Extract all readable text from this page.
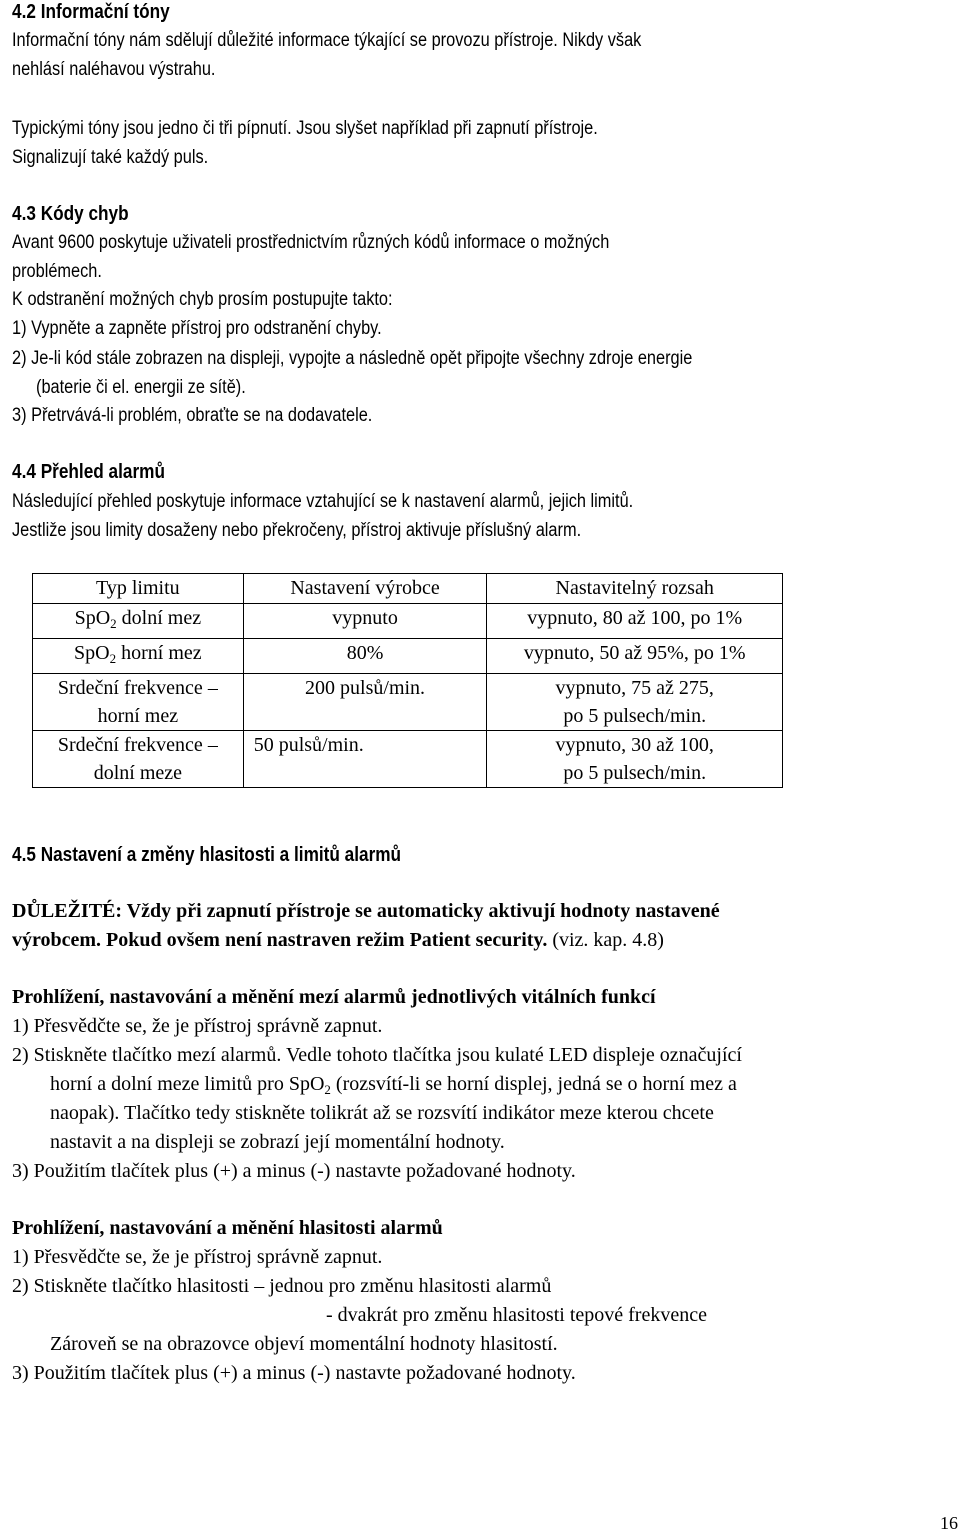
4.2 Informační tóny
Informační tóny nám sdělují důležité informace týkající se provozu přístroje. Nikdy však
nehlásí naléhavou výstrahu.
Typickými tóny jsou jedno či tři pípnutí. Jsou slyšet například při zapnutí přístroje.
Signalizují také každý puls.
4.3 Kódy chyb
Avant 9600 poskytuje uživateli prostřednictvím různých kódů informace o možných
problémech.
K odstranění možných chyb prosím postupujte takto:
1) Vypněte a zapněte přístroj pro odstranění chyby.
2) Je-li kód stále zobrazen na displeji, vypojte a následně opět připojte všechny zdroje energie
(baterie či el. energii ze sítě).
3) Přetrvává-li problém, obraťte se na dodavatele.
4.4 Přehled alarmů
Následující přehled poskytuje informace vztahující se k nastavení alarmů, jejich limitů.
Jestliže jsou limity dosaženy nebo překročeny, přístroj aktivuje příslušný alarm.
Typ limitu	Nastavení výrobce	Nastavitelný rozsah
SpO$_2$ dolní mez	vypnuto	vypnuto, 80 až 100, po 1%
SpO$_2$ horní mez	80%	vypnuto, 50 až 95%, po 1%

Srdeční frekvence –
horní mez	200 pulsů/min.	vypnuto, 75 až 275,
po 5 pulsech/min.

Srdeční frekvence –
dolní meze	50 pulsů/min.	vypnuto, 30 až 100,
po 5 pulsech/min.
4.5 Nastavení a změny hlasitosti a limitů alarmů
DŮLEŽITÉ: Vždy při zapnutí přístroje se automaticky aktivují hodnoty nastavené
výrobcem. Pokud ovšem není nastraven režim Patient security. (viz. kap. 4.8)
Prohlížení, nastavování a měnění mezí alarmů jednotlivých vitálních funkcí
1) Přesvědčte se, že je přístroj správně zapnut.
2) Stiskněte tlačítko mezí alarmů. Vedle tohoto tlačítka jsou kulaté LED displeje označující
horní a dolní meze limitů pro SpO$_2$ (rozsvítí-li se horní displej, jedná se o horní mez a
naopak). Tlačítko tedy stiskněte tolikrát až se rozsvítí indikátor meze kterou chcete
nastavit a na displeji se zobrazí její momentální hodnoty.
3) Použitím tlačítek plus (+) a minus (-) nastavte požadované hodnoty.
Prohlížení, nastavování a měnění hlasitosti alarmů
1) Přesvědčte se, že je přístroj správně zapnut.
2) Stiskněte tlačítko hlasitosti – jednou pro změnu hlasitosti alarmů
- dvakrát pro změnu hlasitosti tepové frekvence
Zároveň se na obrazovce objeví momentální hodnoty hlasitostí.
3) Použitím tlačítek plus (+) a minus (-) nastavte požadované hodnoty.
16
